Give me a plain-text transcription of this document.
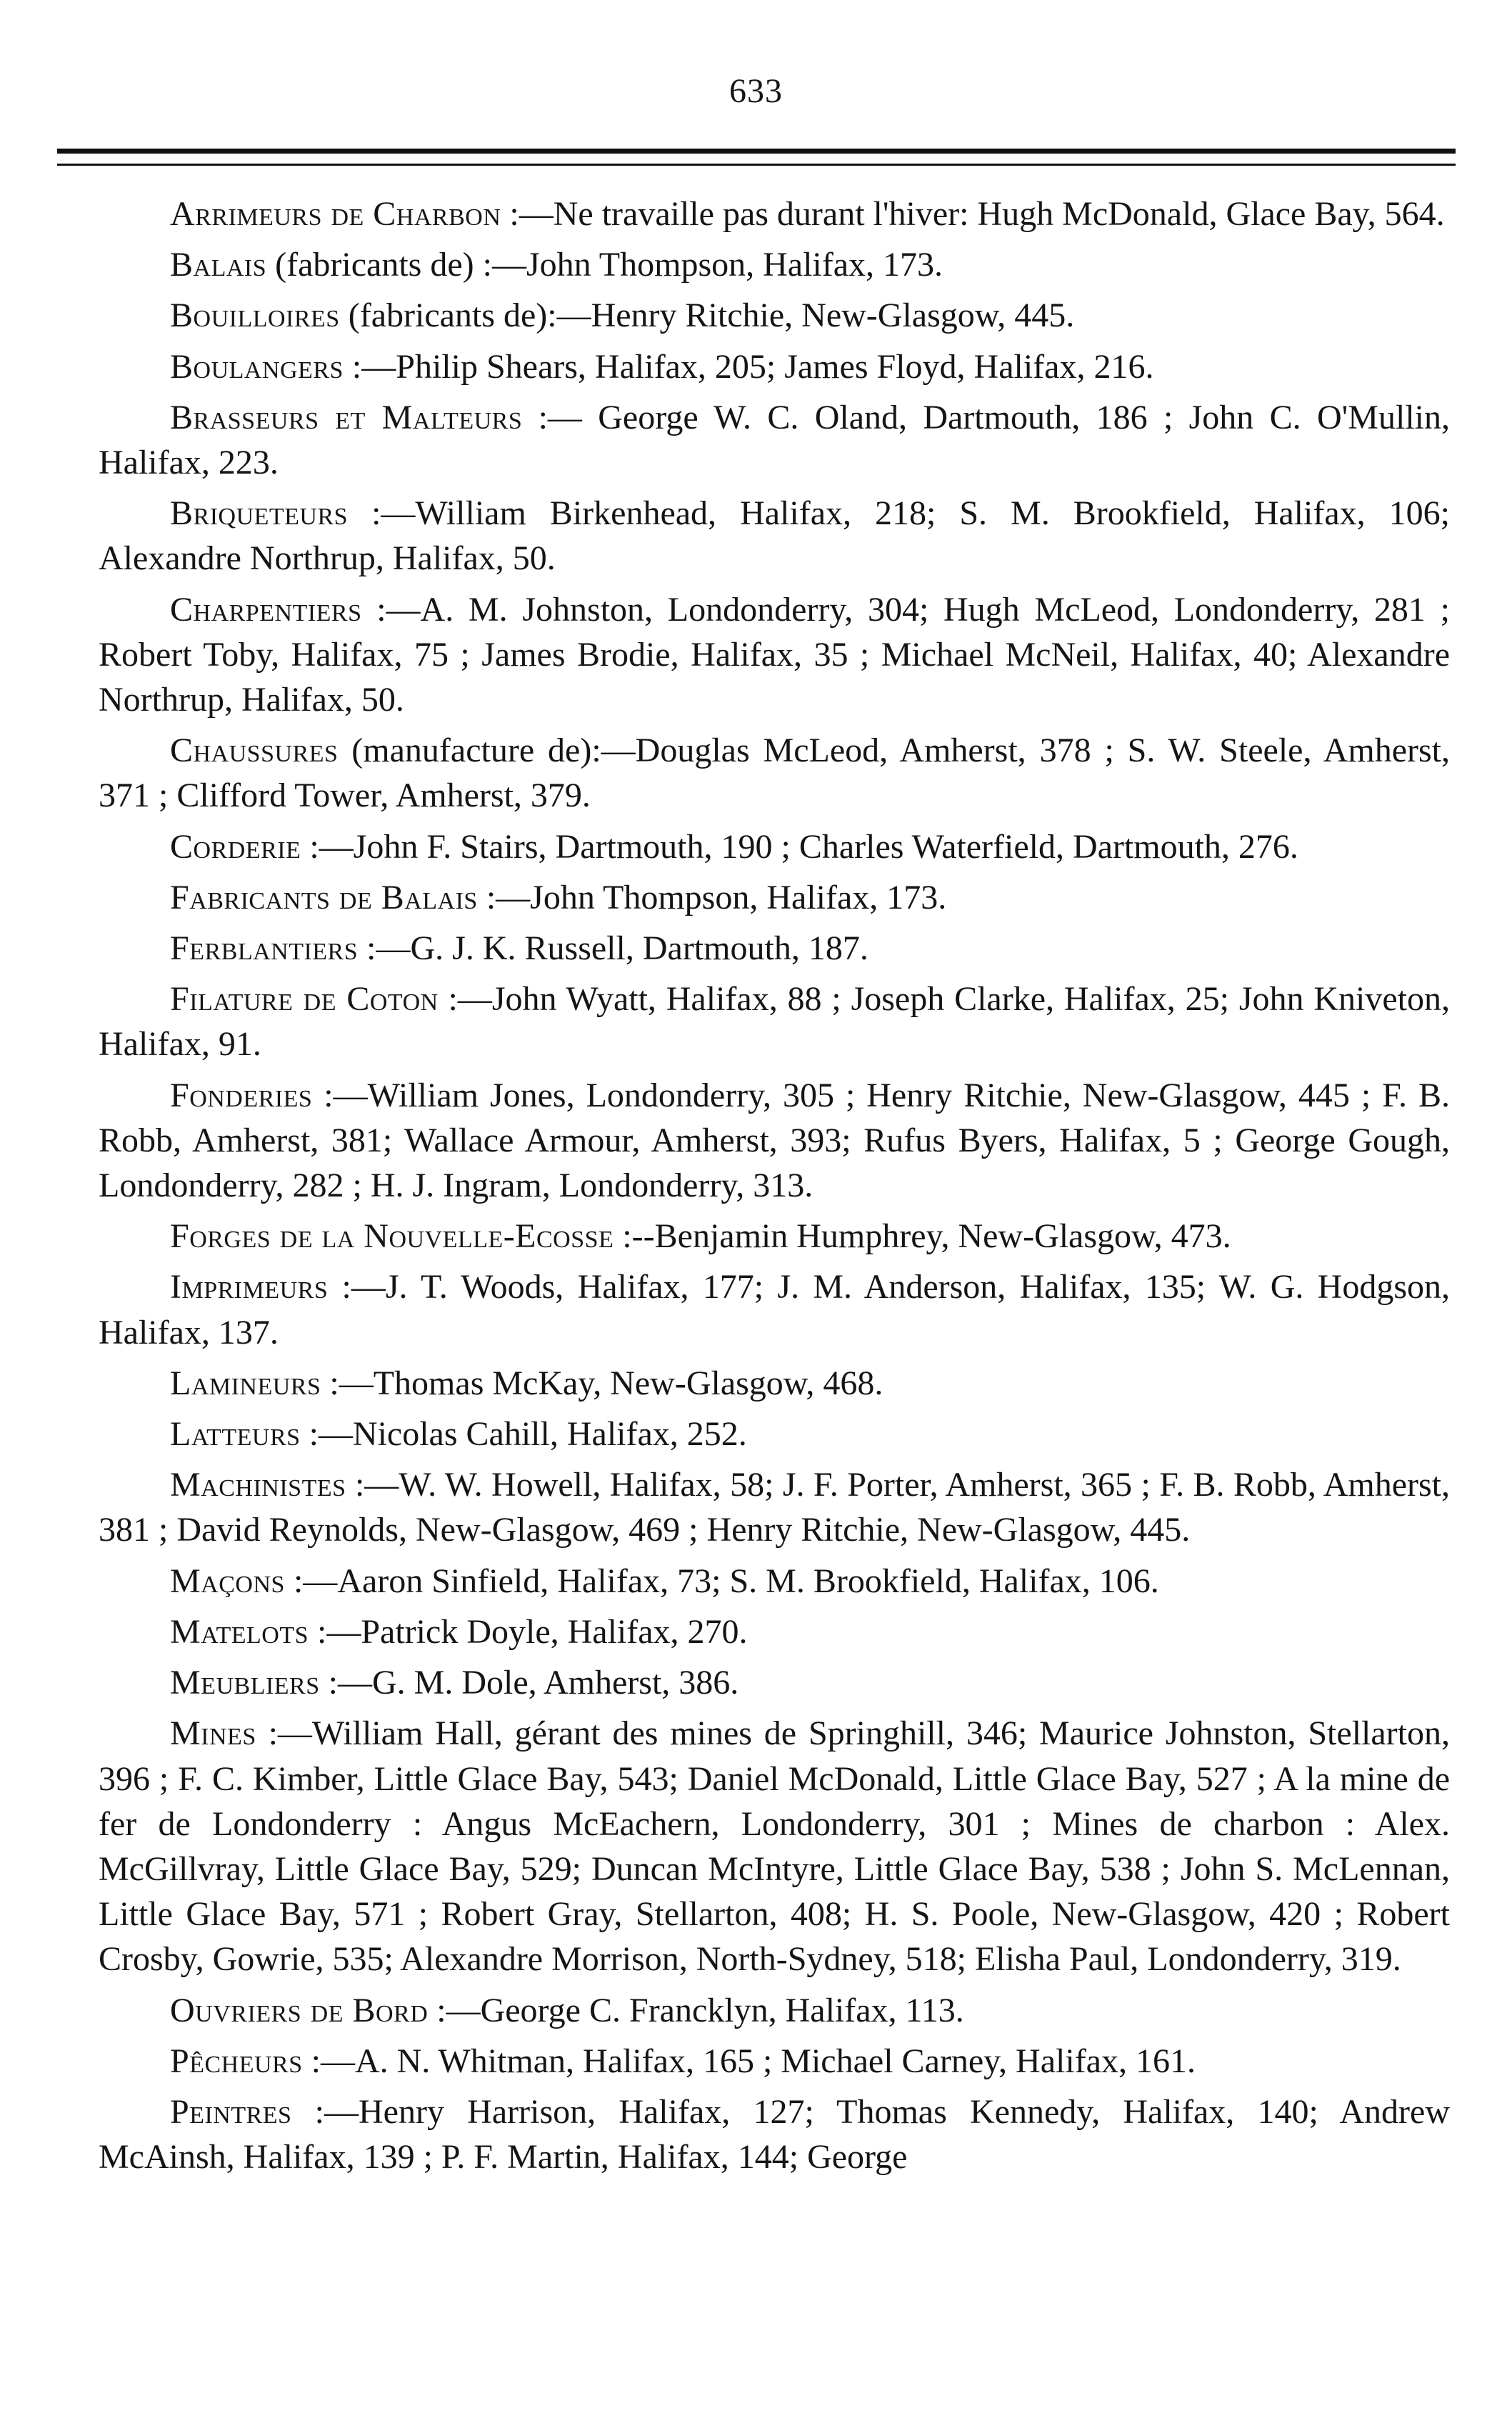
633

Arrimeurs de Charbon :—Ne travaille pas durant l'hiver: Hugh McDonald, Glace Bay, 564.

Balais (fabricants de) :—John Thompson, Halifax, 173.

Bouilloires (fabricants de):—Henry Ritchie, New-Glasgow, 445.

Boulangers :—Philip Shears, Halifax, 205; James Floyd, Halifax, 216.

Brasseurs et Malteurs :— George W. C. Oland, Dartmouth, 186 ; John C. O'Mullin, Halifax, 223.

Briqueteurs :—William Birkenhead, Halifax, 218; S. M. Brookfield, Halifax, 106; Alexandre Northrup, Halifax, 50.

Charpentiers :—A. M. Johnston, Londonderry, 304; Hugh McLeod, Londonderry, 281 ; Robert Toby, Halifax, 75 ; James Brodie, Halifax, 35 ; Michael McNeil, Halifax, 40; Alexandre Northrup, Halifax, 50.

Chaussures (manufacture de):—Douglas McLeod, Amherst, 378 ; S. W. Steele, Amherst, 371 ; Clifford Tower, Amherst, 379.

Corderie :—John F. Stairs, Dartmouth, 190 ; Charles Waterfield, Dartmouth, 276.

Fabricants de Balais :—John Thompson, Halifax, 173.

Ferblantiers :—G. J. K. Russell, Dartmouth, 187.

Filature de Coton :—John Wyatt, Halifax, 88 ; Joseph Clarke, Halifax, 25; John Kniveton, Halifax, 91.

Fonderies :—William Jones, Londonderry, 305 ; Henry Ritchie, New-Glasgow, 445 ; F. B. Robb, Amherst, 381; Wallace Armour, Amherst, 393; Rufus Byers, Halifax, 5 ; George Gough, Londonderry, 282 ; H. J. Ingram, Londonderry, 313.

Forges de la Nouvelle-Ecosse :--Benjamin Humphrey, New-Glasgow, 473.

Imprimeurs :—J. T. Woods, Halifax, 177; J. M. Anderson, Halifax, 135; W. G. Hodgson, Halifax, 137.

Lamineurs :—Thomas McKay, New-Glasgow, 468.

Latteurs :—Nicolas Cahill, Halifax, 252.

Machinistes :—W. W. Howell, Halifax, 58; J. F. Porter, Amherst, 365 ; F. B. Robb, Amherst, 381 ; David Reynolds, New-Glasgow, 469 ; Henry Ritchie, New-Glasgow, 445.

Maçons :—Aaron Sinfield, Halifax, 73; S. M. Brookfield, Halifax, 106.

Matelots :—Patrick Doyle, Halifax, 270.

Meubliers :—G. M. Dole, Amherst, 386.

Mines :—William Hall, gérant des mines de Springhill, 346; Maurice Johnston, Stellarton, 396 ; F. C. Kimber, Little Glace Bay, 543; Daniel McDonald, Little Glace Bay, 527 ; A la mine de fer de Londonderry : Angus McEachern, Londonderry, 301 ; Mines de charbon : Alex. McGillvray, Little Glace Bay, 529; Duncan McIntyre, Little Glace Bay, 538 ; John S. McLennan, Little Glace Bay, 571 ; Robert Gray, Stellarton, 408; H. S. Poole, New-Glasgow, 420 ; Robert Crosby, Gowrie, 535; Alexandre Morrison, North-Sydney, 518; Elisha Paul, Londonderry, 319.

Ouvriers de Bord :—George C. Francklyn, Halifax, 113.

Pêcheurs :—A. N. Whitman, Halifax, 165 ; Michael Carney, Halifax, 161.

Peintres :—Henry Harrison, Halifax, 127; Thomas Kennedy, Halifax, 140; Andrew McAinsh, Halifax, 139 ; P. F. Martin, Halifax, 144; George
